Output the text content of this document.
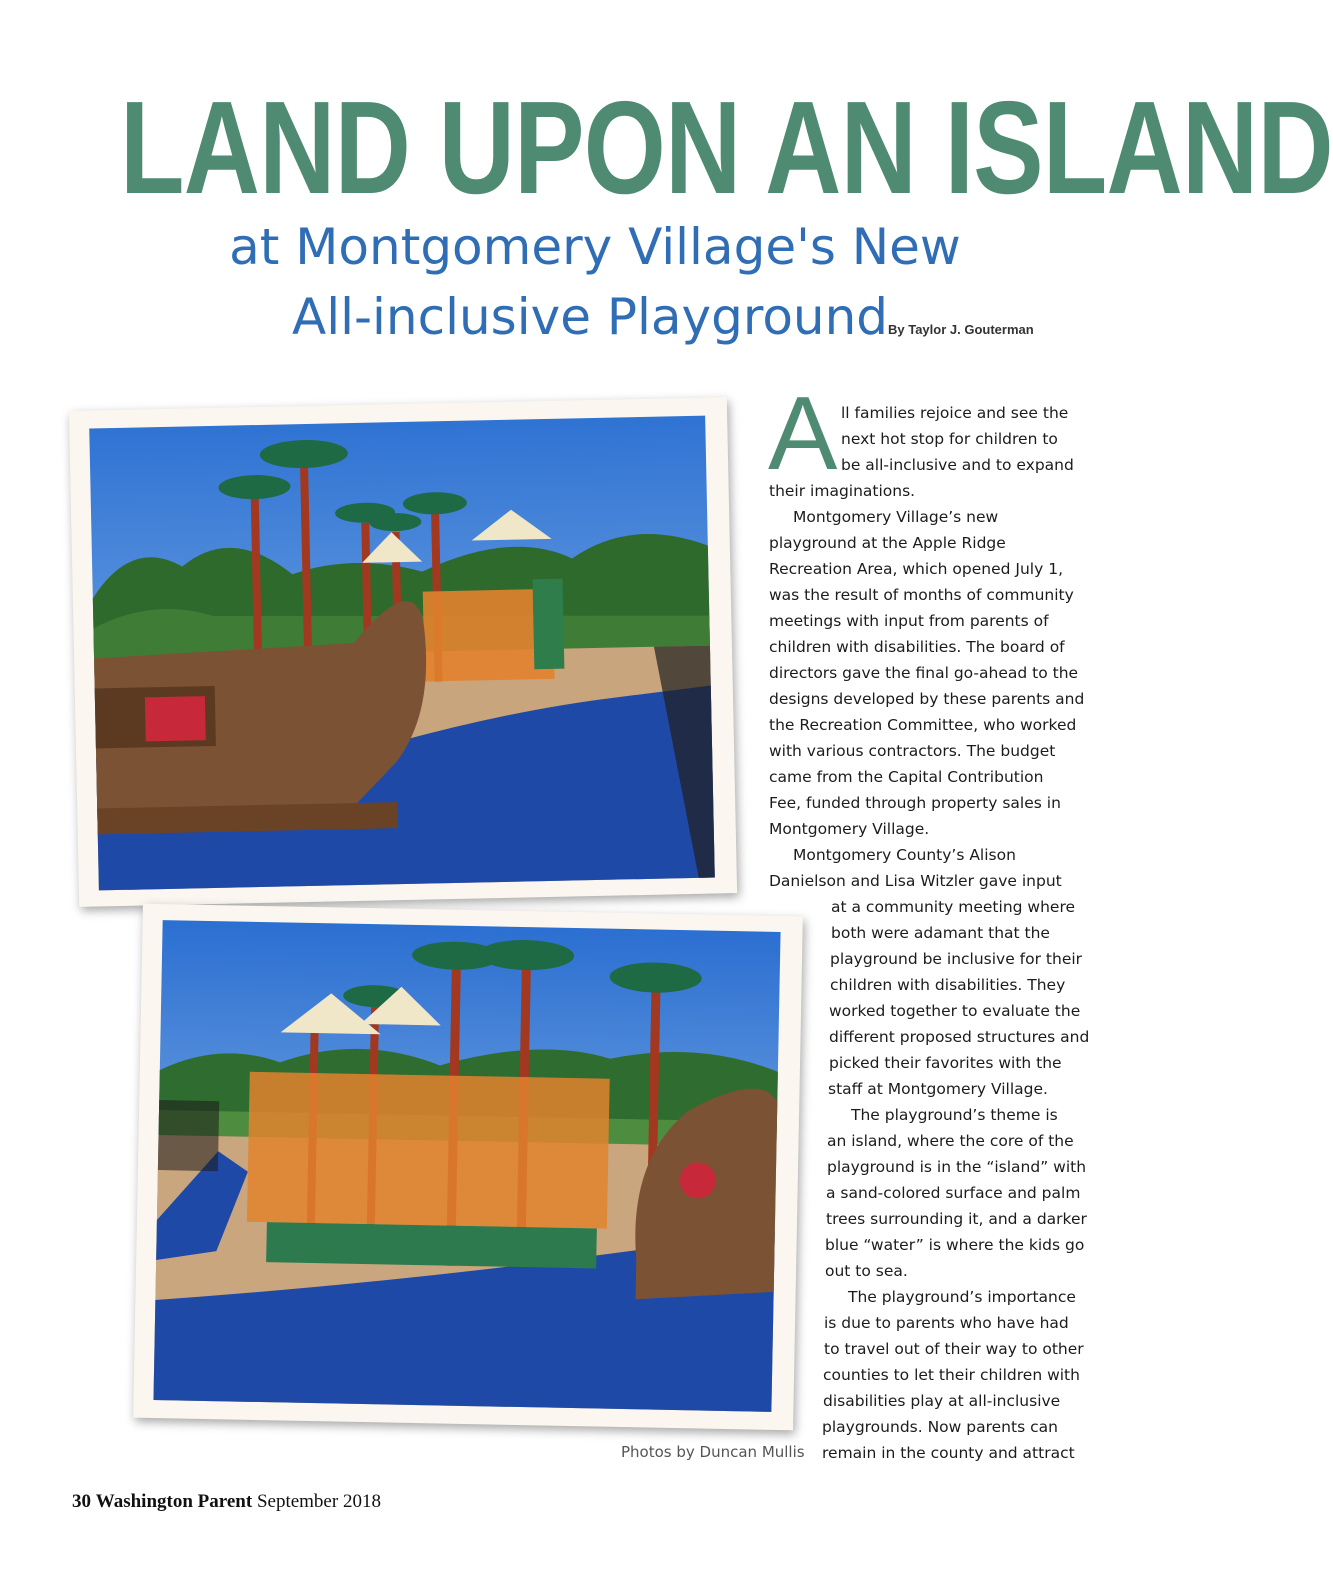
LAND UPON AN ISLAND
at Montgomery Village's New
All-inclusive Playground By Taylor J. Gouterman
Photos by Duncan Mullis
A ll families rejoice and see the
next hot stop for children to
be all-inclusive and to expand
their imaginations.
Montgomery Village’s new
playground at the Apple Ridge
Recreation Area, which opened July 1,
was the result of months of community
meetings with input from parents of
children with disabilities. The board of
directors gave the final go-ahead to the
designs developed by these parents and
the Recreation Committee, who worked
with various contractors. The budget
came from the Capital Contribution
Fee, funded through property sales in
Montgomery Village.
Montgomery County’s Alison
Danielson and Lisa Witzler gave input
at a community meeting where
both were adamant that the
playground be inclusive for their
children with disabilities. They
worked together to evaluate the
different proposed structures and
picked their favorites with the
staff at Montgomery Village.
The playground’s theme is
an island, where the core of the
playground is in the “island” with
a sand-colored surface and palm
trees surrounding it, and a darker
blue “water” is where the kids go
out to sea.
The playground’s importance
is due to parents who have had
to travel out of their way to other
counties to let their children with
disabilities play at all-inclusive
playgrounds. Now parents can
remain in the county and attract
30 Washington Parent September 2018
